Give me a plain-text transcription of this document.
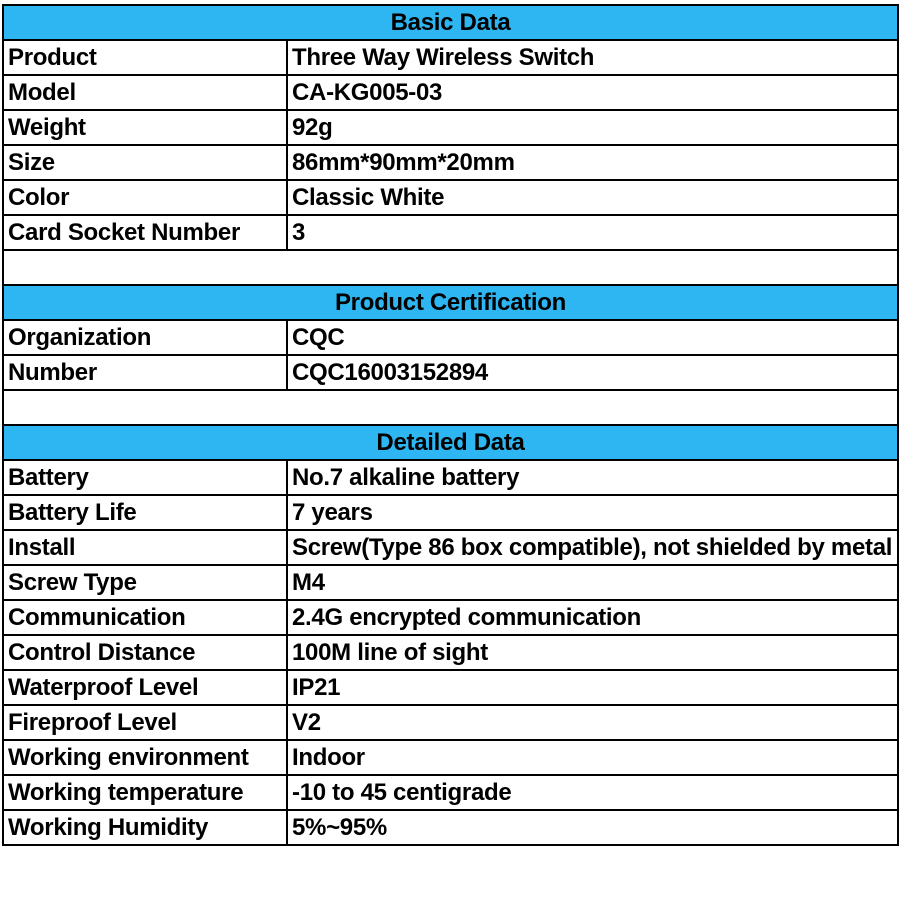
Basic Data	
Product	Three Way Wireless Switch
Model	CA-KG005-03
Weight	92g
Size	86mm*90mm*20mm
Color	Classic White
Card Socket Number	3

Product Certification	
Organization	CQC
Number	CQC16003152894

Detailed Data	
Battery	No.7 alkaline battery
Battery Life	7 years
Install	Screw(Type 86 box compatible), not shielded by metal
Screw Type	M4
Communication	2.4G encrypted communication
Control Distance	100M line of sight
Waterproof Level	IP21
Fireproof Level	V2
Working environment	Indoor
Working temperature	-10 to 45 centigrade
Working Humidity	5%~95%
